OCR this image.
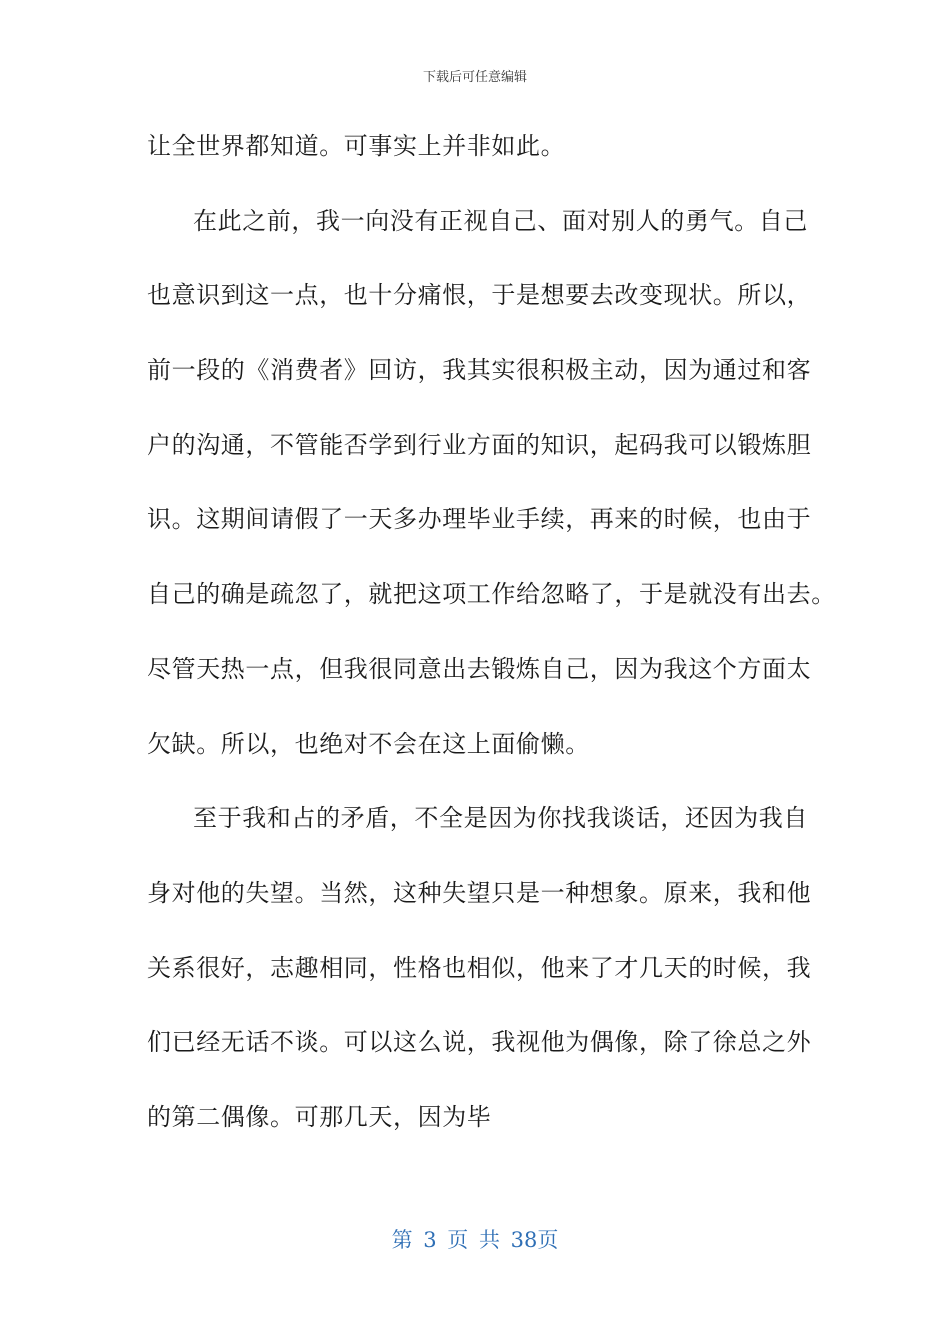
下载后可任意编辑
让全世界都知道。可事实上并非如此。
在此之前，我一向没有正视自己、面对别人的勇气。自己
也意识到这一点，也十分痛恨，于是想要去改变现状。所以，
前一段的《消费者》回访，我其实很积极主动，因为通过和客
户的沟通，不管能否学到行业方面的知识，起码我可以锻炼胆
识。这期间请假了一天多办理毕业手续，再来的时候，也由于
自己的确是疏忽了，就把这项工作给忽略了，于是就没有出去。
尽管天热一点，但我很同意出去锻炼自己，因为我这个方面太
欠缺。所以，也绝对不会在这上面偷懒。
至于我和占的矛盾，不全是因为你找我谈话，还因为我自
身对他的失望。当然，这种失望只是一种想象。原来，我和他
关系很好，志趣相同，性格也相似，他来了才几天的时候，我
们已经无话不谈。可以这么说，我视他为偶像，除了徐总之外
的第二偶像。可那几天，因为毕
第 3 页 共 38页
